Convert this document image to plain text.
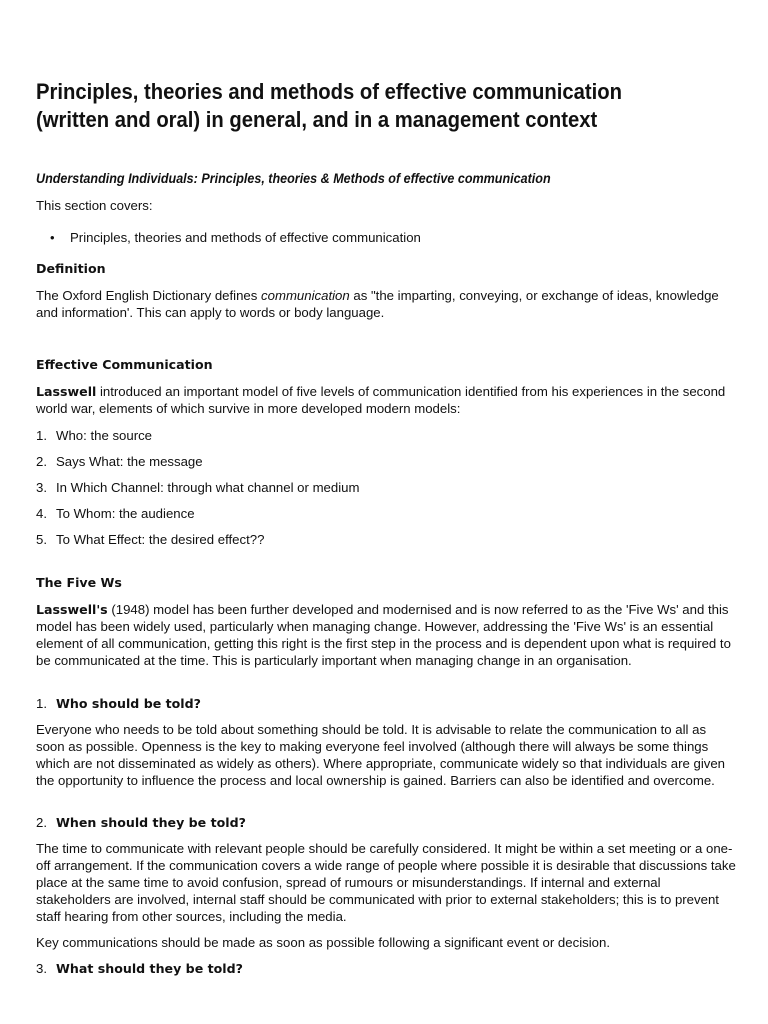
Principles, theories and methods of effective communication (written and oral) in general, and in a management context

Understanding Individuals: Principles, theories & Methods of effective communication

This section covers:

• Principles, theories and methods of effective communication
Definition

The Oxford English Dictionary defines communication as "the imparting, conveying, or exchange of ideas, knowledge and information'. This can apply to words or body language.

Effective Communication

Lasswell introduced an important model of five levels of communication identified from his experiences in the second world war, elements of which survive in more developed modern models:

1. Who: the source
2. Says What: the message
3. In Which Channel: through what channel or medium
4. To Whom: the audience
5. To What Effect: the desired effect??
The Five Ws

Lasswell's (1948) model has been further developed and modernised and is now referred to as the 'Five Ws' and this model has been widely used, particularly when managing change. However, addressing the 'Five Ws' is an essential element of all communication, getting this right is the first step in the process and is dependent upon what is required to be communicated at the time. This is particularly important when managing change in an organisation.

1. Who should be told?

Everyone who needs to be told about something should be told. It is advisable to relate the communication to all as soon as possible. Openness is the key to making everyone feel involved (although there will always be some things which are not disseminated as widely as others). Where appropriate, communicate widely so that individuals are given the opportunity to influence the process and local ownership is gained. Barriers can also be identified and overcome.

2. When should they be told?

The time to communicate with relevant people should be carefully considered. It might be within a set meeting or a one-off arrangement. If the communication covers a wide range of people where possible it is desirable that discussions take place at the same time to avoid confusion, spread of rumours or misunderstandings. If internal and external stakeholders are involved, internal staff should be communicated with prior to external stakeholders; this is to prevent staff hearing from other sources, including the media.

Key communications should be made as soon as possible following a significant event or decision.

3. What should they be told?
